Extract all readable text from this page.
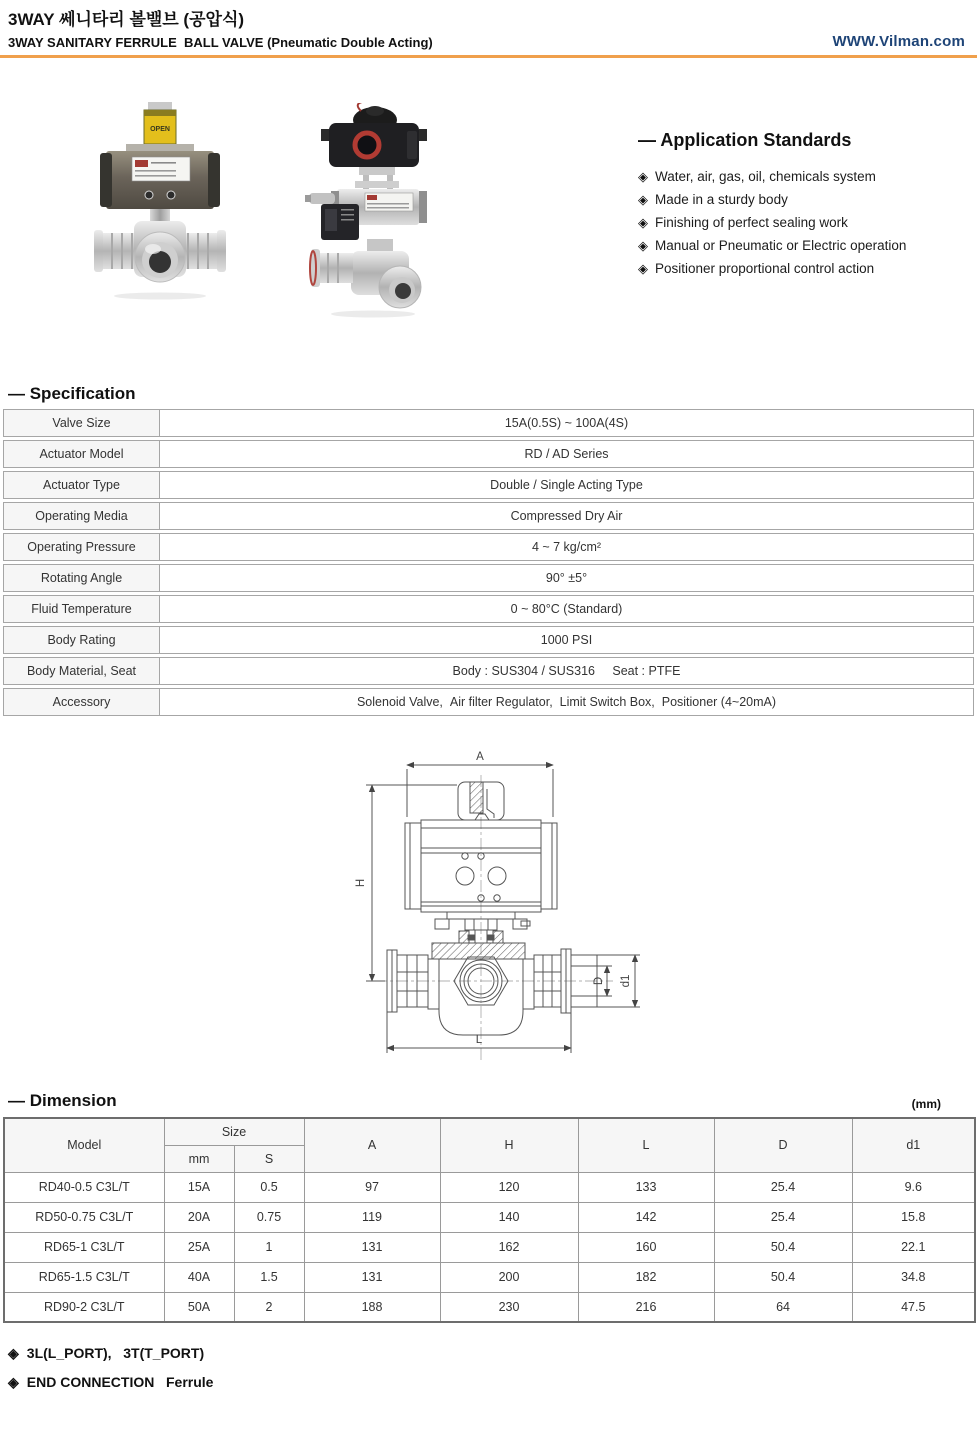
3WAY 쎄니타리 볼밸브 (공압식)
3WAY SANITARY FERRULE  BALL VALVE (Pneumatic Double Acting)	WWW.Vilman.com
OPEN
— Application Standards
◈ Water, air, gas, oil, chemicals system
◈ Made in a sturdy body
◈ Finishing of perfect sealing work
◈ Manual or Pneumatic or Electric operation
◈ Positioner proportional control action
— Specification
Valve Size	15A(0.5S) ~ 100A(4S)
Actuator Model	RD / AD Series
Actuator Type	Double / Single Acting Type
Operating Media	Compressed Dry Air
Operating Pressure	4 ~ 7 kg/cm²
Rotating Angle	90° ±5°
Fluid Temperature	0 ~ 80°C (Standard)
Body Rating	1000 PSI
Body Material, Seat	Body : SUS304 / SUS316     Seat : PTFE
Accessory	Solenoid Valve,  Air filter Regulator,  Limit Switch Box,  Positioner (4~20mA)
A
H
L
D d1
— Dimension	(mm)
Model	Size		A	H	L	D	d1
	mm	S					
RD40-0.5 C3L/T	15A	0.5	97	120	133	25.4	9.6
RD50-0.75 C3L/T	20A	0.75	119	140	142	25.4	15.8
RD65-1 C3L/T	25A	1	131	162	160	50.4	22.1
RD65-1.5 C3L/T	40A	1.5	131	200	182	50.4	34.8
RD90-2 C3L/T	50A	2	188	230	216	64	47.5
◈ 3L(L_PORT),   3T(T_PORT)
◈ END CONNECTION   Ferrule
